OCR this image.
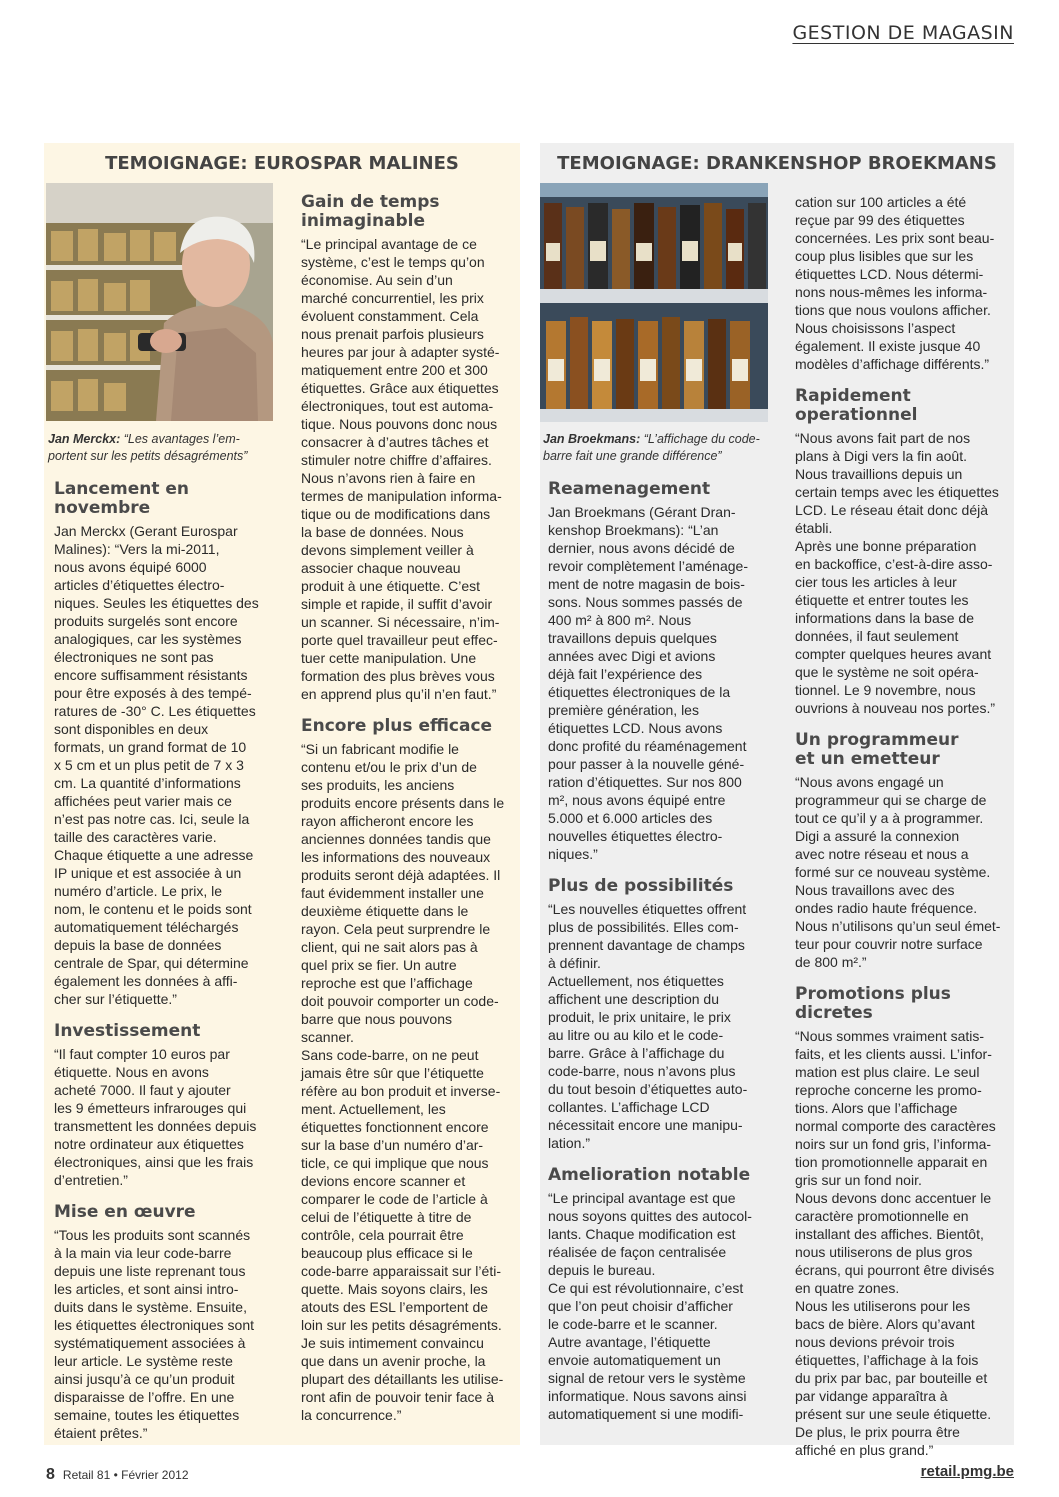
GESTION DE MAGASIN
TEMOIGNAGE: EUROSPAR MALINES
Jan Merckx: “Les avantages l’em-
portent sur les petits désagréments”
Lancement en novembre

Jan Merckx (Gerant Eurospar
Malines): “Vers la mi-2011,
nous avons équipé 6000
articles d’étiquettes électro-
niques. Seules les étiquettes des
produits surgelés sont encore
analogiques, car les systèmes
électroniques ne sont pas
encore suffisamment résistants
pour être exposés à des tempé-
ratures de -30° C. Les étiquettes
sont disponibles en deux
formats, un grand format de 10
x 5 cm et un plus petit de 7 x 3
cm. La quantité d’informations
affichées peut varier mais ce
n’est pas notre cas. Ici, seule la
taille des caractères varie.
Chaque étiquette a une adresse
IP unique et est associée à un
numéro d’article. Le prix, le
nom, le contenu et le poids sont
automatiquement téléchargés
depuis la base de données
centrale de Spar, qui détermine
également les données à affi-
cher sur l’étiquette.”

Investissement

“Il faut compter 10 euros par
étiquette. Nous en avons
acheté 7000. Il faut y ajouter
les 9 émetteurs infrarouges qui
transmettent les données depuis
notre ordinateur aux étiquettes
électroniques, ainsi que les frais
d’entretien.”

Mise en œuvre

“Tous les produits sont scannés
à la main via leur code-barre
depuis une liste reprenant tous
les articles, et sont ainsi intro-
duits dans le système. Ensuite,
les étiquettes électroniques sont
systématiquement associées à
leur article. Le système reste
ainsi jusqu’à ce qu’un produit
disparaisse de l’offre. En une
semaine, toutes les étiquettes
étaient prêtes.”

Gain de temps
inimaginable

“Le principal avantage de ce
système, c’est le temps qu’on
économise. Au sein d’un
marché concurrentiel, les prix
évoluent constamment. Cela
nous prenait parfois plusieurs
heures par jour à adapter systé-
matiquement entre 200 et 300
étiquettes. Grâce aux étiquettes
électroniques, tout est automa-
tique. Nous pouvons donc nous
consacrer à d’autres tâches et
stimuler notre chiffre d’affaires.
Nous n’avons rien à faire en
termes de manipulation informa-
tique ou de modifications dans
la base de données. Nous
devons simplement veiller à
associer chaque nouveau
produit à une étiquette. C’est
simple et rapide, il suffit d’avoir
un scanner. Si nécessaire, n’im-
porte quel travailleur peut effec-
tuer cette manipulation. Une
formation des plus brèves vous
en apprend plus qu’il n’en faut.”

Encore plus efficace

“Si un fabricant modifie le
contenu et/ou le prix d’un de
ses produits, les anciens
produits encore présents dans le
rayon afficheront encore les
anciennes données tandis que
les informations des nouveaux
produits seront déjà adaptées. Il
faut évidemment installer une
deuxième étiquette dans le
rayon. Cela peut surprendre le
client, qui ne sait alors pas à
quel prix se fier. Un autre
reproche est que l’affichage
doit pouvoir comporter un code-
barre que nous pouvons
scanner.
Sans code-barre, on ne peut
jamais être sûr que l’étiquette
réfère au bon produit et inverse-
ment. Actuellement, les
étiquettes fonctionnent encore
sur la base d’un numéro d’ar-
ticle, ce qui implique que nous
devions encore scanner et
comparer le code de l’article à
celui de l’étiquette à titre de
contrôle, cela pourrait être
beaucoup plus efficace si le
code-barre apparaissait sur l’éti-
quette. Mais soyons clairs, les
atouts des ESL l’emportent de
loin sur les petits désagréments.
Je suis intimement convaincu
que dans un avenir proche, la
plupart des détaillants les utilise-
ront afin de pouvoir tenir face à
la concurrence.”

TEMOIGNAGE: DRANKENSHOP BROEKMANS
Jan Broekmans: “L’affichage du code-
barre fait une grande différence”
Reamenagement

Jan Broekmans (Gérant Dran-
kenshop Broekmans): “L’an
dernier, nous avons décidé de
revoir complètement l’aménage-
ment de notre magasin de bois-
sons. Nous sommes passés de
400 m² à 800 m². Nous
travaillons depuis quelques
années avec Digi et avions
déjà fait l’expérience des
étiquettes électroniques de la
première génération, les
étiquettes LCD. Nous avons
donc profité du réaménagement
pour passer à la nouvelle géné-
ration d’étiquettes. Sur nos 800
m², nous avons équipé entre
5.000 et 6.000 articles des
nouvelles étiquettes électro-
niques.”

Plus de possibilités

“Les nouvelles étiquettes offrent
plus de possibilités. Elles com-
prennent davantage de champs
à définir.
Actuellement, nos étiquettes
affichent une description du
produit, le prix unitaire, le prix
au litre ou au kilo et le code-
barre. Grâce à l’affichage du
code-barre, nous n’avons plus
du tout besoin d’étiquettes auto-
collantes. L’affichage LCD
nécessitait encore une manipu-
lation.”

Amelioration notable

“Le principal avantage est que
nous soyons quittes des autocol-
lants. Chaque modification est
réalisée de façon centralisée
depuis le bureau.
Ce qui est révolutionnaire, c’est
que l’on peut choisir d’afficher
le code-barre et le scanner.
Autre avantage, l’étiquette
envoie automatiquement un
signal de retour vers le système
informatique. Nous savons ainsi
automatiquement si une modifi-

cation sur 100 articles a été
reçue par 99 des étiquettes
concernées. Les prix sont beau-
coup plus lisibles que sur les
étiquettes LCD. Nous détermi-
nons nous-mêmes les informa-
tions que nous voulons afficher.
Nous choisissons l’aspect
également. Il existe jusque 40
modèles d’affichage différents.”

Rapidement operationnel

“Nous avons fait part de nos
plans à Digi vers la fin août.
Nous travaillions depuis un
certain temps avec les étiquettes
LCD. Le réseau était donc déjà
établi.
Après une bonne préparation
en backoffice, c’est-à-dire asso-
cier tous les articles à leur
étiquette et entrer toutes les
informations dans la base de
données, il faut seulement
compter quelques heures avant
que le système ne soit opéra-
tionnel. Le 9 novembre, nous
ouvrions à nouveau nos portes.”

Un programmeur
et un emetteur

“Nous avons engagé un
programmeur qui se charge de
tout ce qu’il y a à programmer.
Digi a assuré la connexion
avec notre réseau et nous a
formé sur ce nouveau système.
Nous travaillons avec des
ondes radio haute fréquence.
Nous n’utilisons qu’un seul émet-
teur pour couvrir notre surface
de 800 m².”

Promotions plus dicretes

“Nous sommes vraiment satis-
faits, et les clients aussi. L’infor-
mation est plus claire. Le seul
reproche concerne les promo-
tions. Alors que l’affichage
normal comporte des caractères
noirs sur un fond gris, l’informa-
tion promotionnelle apparait en
gris sur un fond noir.
Nous devons donc accentuer le
caractère promotionnelle en
installant des affiches. Bientôt,
nous utiliserons de plus gros
écrans, qui pourront être divisés
en quatre zones.
Nous les utiliserons pour les
bacs de bière. Alors qu’avant
nous devions prévoir trois
étiquettes, l’affichage à la fois
du prix par bac, par bouteille et
par vidange apparaîtra à
présent sur une seule étiquette.
De plus, le prix pourra être
affiché en plus grand.”

8 Retail 81 • Février 2012	retail.pmg.be
